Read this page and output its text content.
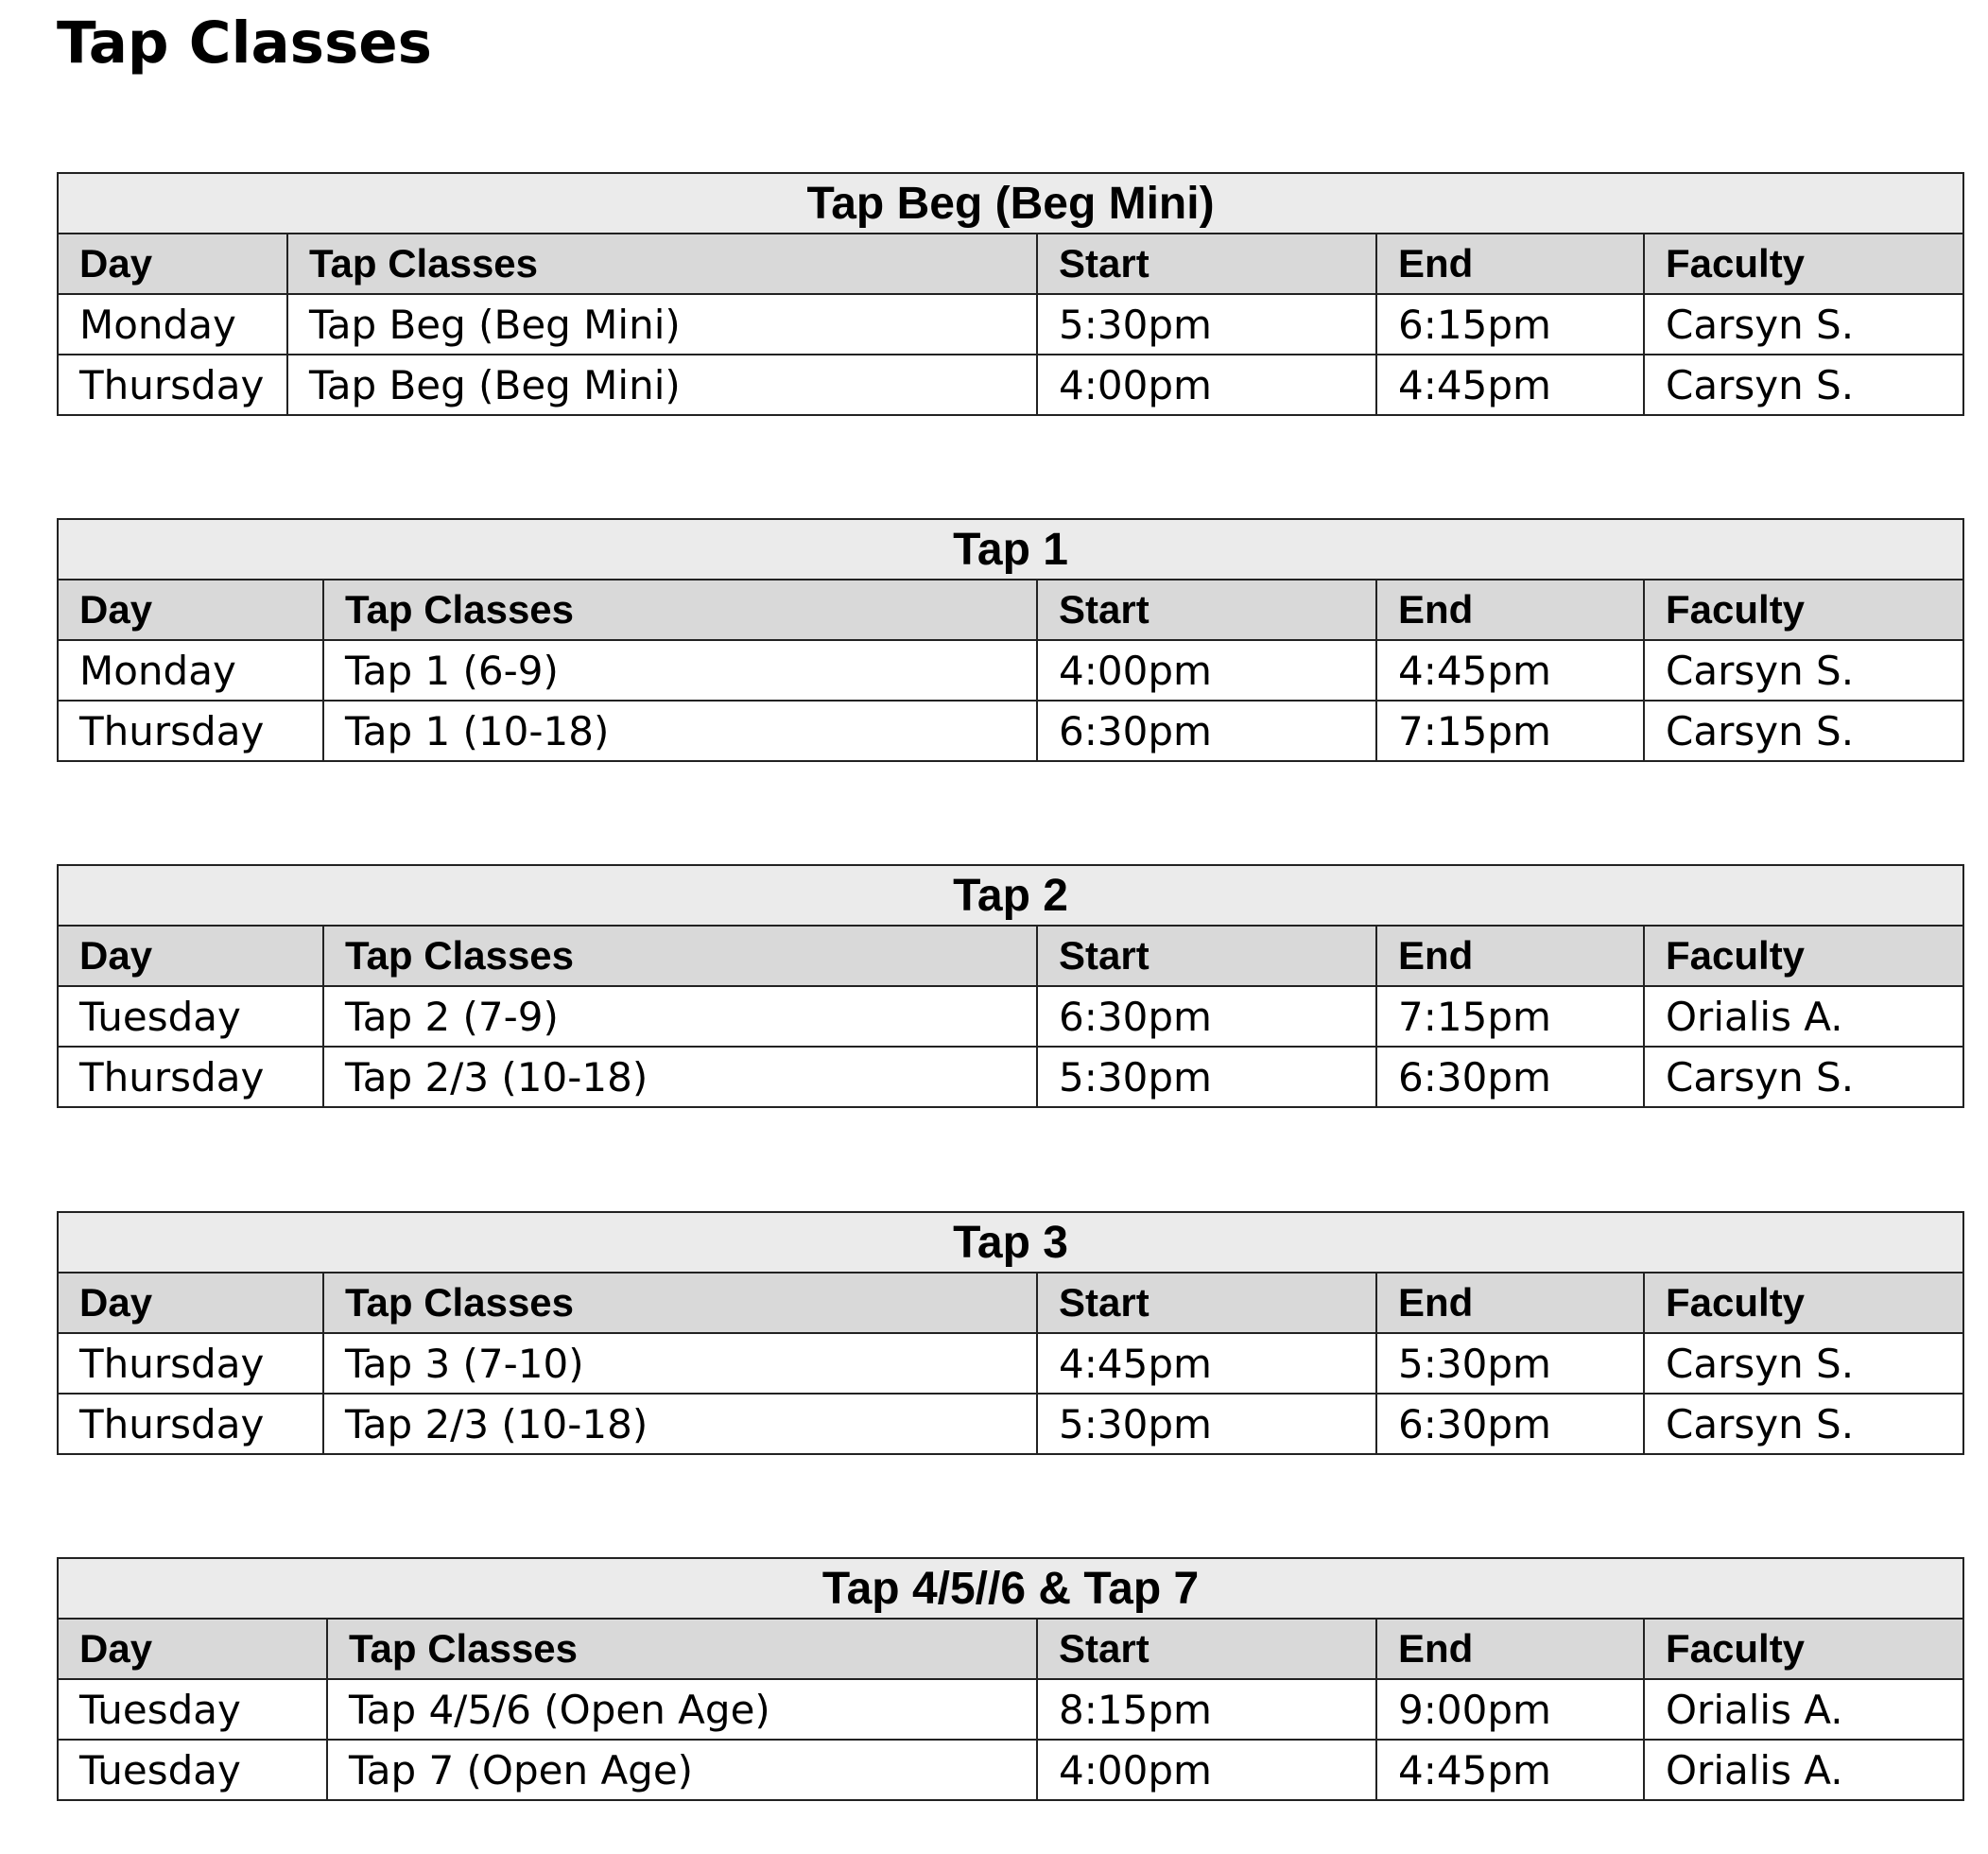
Tap Classes
Tap Beg (Beg Mini)				
Day	Tap Classes	Start	End	Faculty
Monday	Tap Beg (Beg Mini)	5:30pm	6:15pm	Carsyn S.
Thursday	Tap Beg (Beg Mini)	4:00pm	4:45pm	Carsyn S.
Tap 1				
Day	Tap Classes	Start	End	Faculty
Monday	Tap 1 (6-9)	4:00pm	4:45pm	Carsyn S.
Thursday	Tap 1 (10-18)	6:30pm	7:15pm	Carsyn S.
Tap 2				
Day	Tap Classes	Start	End	Faculty
Tuesday	Tap 2 (7-9)	6:30pm	7:15pm	Orialis A.
Thursday	Tap 2/3 (10-18)	5:30pm	6:30pm	Carsyn S.
Tap 3				
Day	Tap Classes	Start	End	Faculty
Thursday	Tap 3 (7-10)	4:45pm	5:30pm	Carsyn S.
Thursday	Tap 2/3 (10-18)	5:30pm	6:30pm	Carsyn S.
Tap 4/5//6 & Tap 7				
Day	Tap Classes	Start	End	Faculty
Tuesday	Tap 4/5/6 (Open Age)	8:15pm	9:00pm	Orialis A.
Tuesday	Tap 7 (Open Age)	4:00pm	4:45pm	Orialis A.
